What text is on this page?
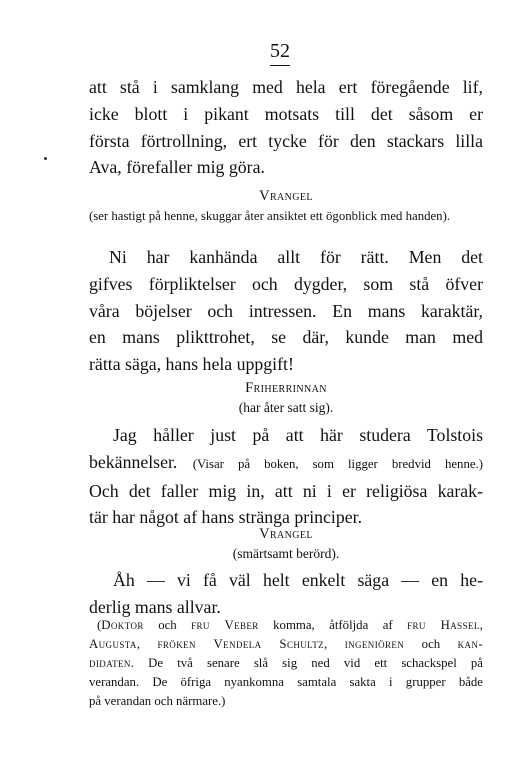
52
att stå i samklang med hela ert föregående lif,
icke blott i pikant motsats till det såsom er
första förtrollning, ert tycke för den stackars lilla
Ava, förefaller mig göra.
Vrangel
(ser hastigt på henne, skuggar åter ansiktet ett ögonblick med handen).
Ni har kanhända allt för rätt. Men det
gifves förpliktelser och dygder, som stå öfver
våra böjelser och intressen. En mans karaktär,
en mans plikttrohet, se där, kunde man med
rätta säga, hans hela uppgift!
Friherrinnan
(har åter satt sig).
Jag håller just på att här studera Tolstois
bekännelser. (Visar på boken, som ligger bredvid henne.)
Och det faller mig in, att ni i er religiösa karak-
tär har något af hans stränga principer.
Vrangel
(smärtsamt berörd).
Åh — vi få väl helt enkelt säga — en he-
derlig mans allvar.
(Doktor och fru Veber komma, åtföljda af fru Hassel,
Augusta, fröken Vendela Schultz, ingeniören och kan-
didaten. De två senare slå sig ned vid ett schackspel på
verandan. De öfriga nyankomna samtala sakta i grupper både
på verandan och närmare.)
